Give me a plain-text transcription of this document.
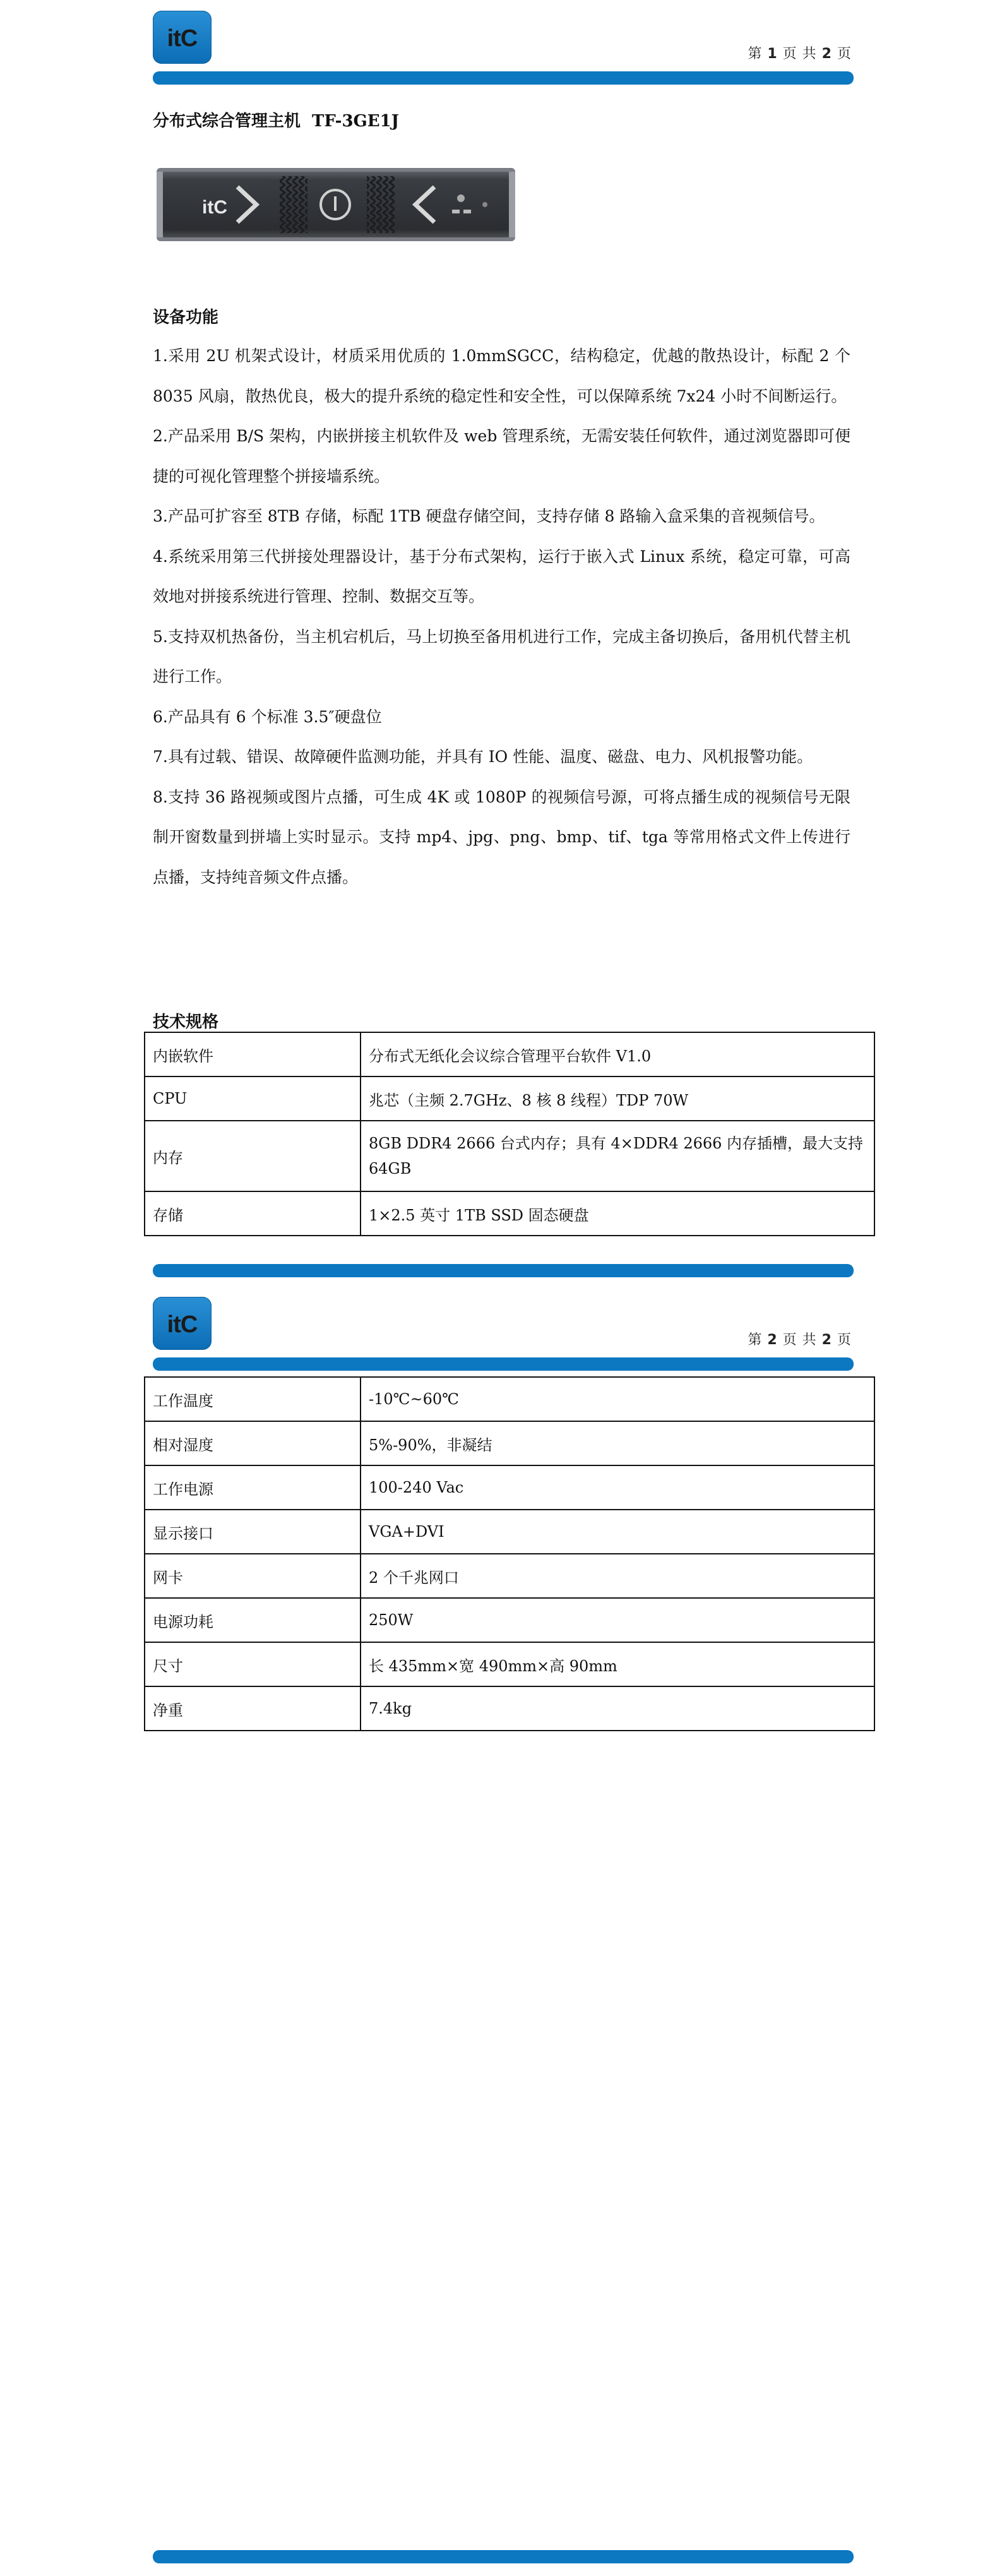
itC
第 1 页 共 2 页
分布式综合管理主机 TF-3GE1J
itC
设备功能

1.采用 2U 机架式设计，材质采用优质的 1.0mmSGCC，结构稳定，优越的散热设计，标配 2 个 8035 风扇，散热优良，极大的提升系统的稳定性和安全性，可以保障系统 7x24 小时不间断运行。

2.产品采用 B/S 架构，内嵌拼接主机软件及 web 管理系统，无需安装任何软件，通过浏览器即可便捷的可视化管理整个拼接墙系统。

3.产品可扩容至 8TB 存储，标配 1TB 硬盘存储空间，支持存储 8 路输入盒采集的音视频信号。

4.系统采用第三代拼接处理器设计，基于分布式架构，运行于嵌入式 Linux 系统，稳定可靠，可高效地对拼接系统进行管理、控制、数据交互等。

5.支持双机热备份，当主机宕机后，马上切换至备用机进行工作，完成主备切换后，备用机代替主机进行工作。

6.产品具有 6 个标准 3.5″硬盘位

7.具有过载、错误、故障硬件监测功能，并具有 IO 性能、温度、磁盘、电力、风机报警功能。

8.支持 36 路视频或图片点播，可生成 4K 或 1080P 的视频信号源，可将点播生成的视频信号无限制开窗数量到拼墙上实时显示。支持 mp4、jpg、png、bmp、tif、tga 等常用格式文件上传进行点播，支持纯音频文件点播。

技术规格
内嵌软件	分布式无纸化会议综合管理平台软件 V1.0
CPU	兆芯（主频 2.7GHz、8 核 8 线程）TDP 70W
内存	8GB DDR4 2666 台式内存；具有 4×DDR4 2666 内存插槽，最大支持 64GB
存储	1×2.5 英寸 1TB SSD 固态硬盘
itC
第 2 页 共 2 页
工作温度	-10℃~60℃
相对湿度	5%-90%，非凝结
工作电源	100-240 Vac
显示接口	VGA+DVI
网卡	2 个千兆网口
电源功耗	250W
尺寸	长 435mm×宽 490mm×高 90mm
净重	7.4kg
